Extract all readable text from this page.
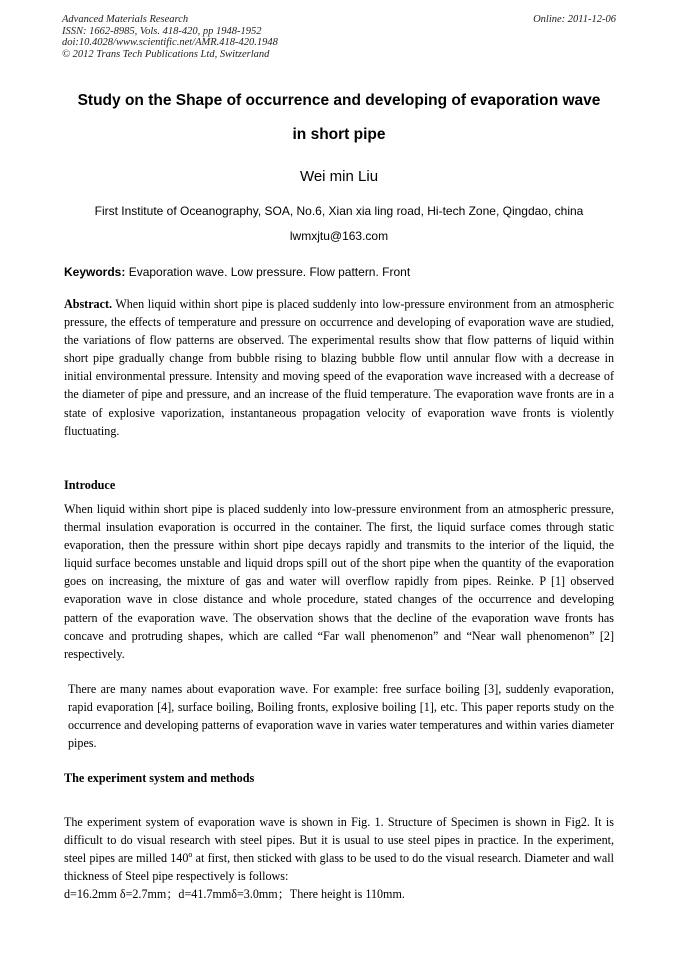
Advanced Materials Research
ISSN: 1662-8985, Vols. 418-420, pp 1948-1952
doi:10.4028/www.scientific.net/AMR.418-420.1948
© 2012 Trans Tech Publications Ltd, Switzerland
Online: 2011-12-06
Study on the Shape of occurrence and developing of evaporation wave
in short pipe
Wei min Liu
First Institute of Oceanography, SOA, No.6, Xian xia ling road, Hi-tech Zone, Qingdao, china
lwmxjtu@163.com
Keywords: Evaporation wave. Low pressure. Flow pattern. Front
Abstract. When liquid within short pipe is placed suddenly into low-pressure environment from an atmospheric pressure, the effects of temperature and pressure on occurrence and developing of evaporation wave are studied, the variations of flow patterns are observed. The experimental results show that flow patterns of liquid within short pipe gradually change from bubble rising to blazing bubble flow until annular flow with a decrease in initial environmental pressure. Intensity and moving speed of the evaporation wave increased with a decrease of the diameter of pipe and pressure, and an increase of the fluid temperature. The evaporation wave fronts are in a state of explosive vaporization, instantaneous propagation velocity of evaporation wave fronts is violently fluctuating.
Introduce
When liquid within short pipe is placed suddenly into low-pressure environment from an atmospheric pressure, thermal insulation evaporation is occurred in the container. The first, the liquid surface comes through static evaporation, then the pressure within short pipe decays rapidly and transmits to the interior of the liquid, the liquid surface becomes unstable and liquid drops spill out of the short pipe when the quantity of the evaporation goes on increasing, the mixture of gas and water will overflow rapidly from pipes. Reinke. P [1] observed evaporation wave in close distance and whole procedure, stated changes of the occurrence and developing pattern of the evaporation wave. The observation shows that the decline of the evaporation wave fronts has concave and protruding shapes, which are called “Far wall phenomenon” and “Near wall phenomenon” [2] respectively.
There are many names about evaporation wave. For example: free surface boiling [3], suddenly evaporation, rapid evaporation [4], surface boiling, Boiling fronts, explosive boiling [1], etc. This paper reports study on the occurrence and developing patterns of evaporation wave in varies water temperatures and within varies diameter pipes.
The experiment system and methods
The experiment system of evaporation wave is shown in Fig. 1. Structure of Specimen is shown in Fig2. It is difficult to do visual research with steel pipes. But it is usual to use steel pipes in practice. In the experiment, steel pipes are milled 140$^o$ at first, then sticked with glass to be used to do the visual research. Diameter and wall thickness of Steel pipe respectively is follows:
d=16.2mm δ=2.7mm；d=41.7mmδ=3.0mm；There height is 110mm.
